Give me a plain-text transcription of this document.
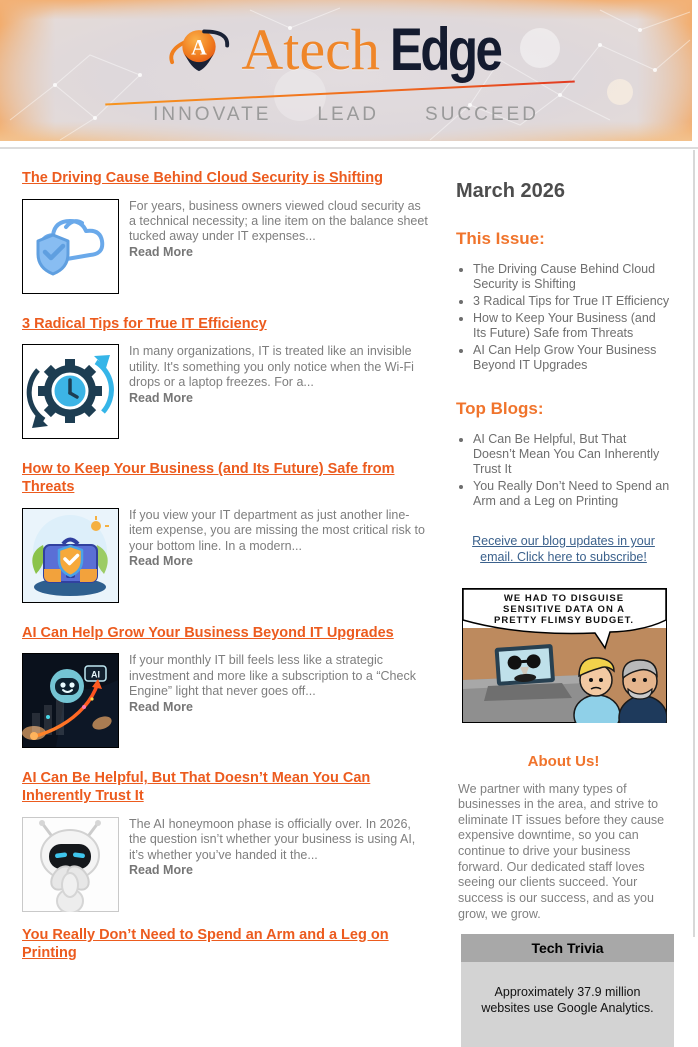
A Atech Edge
INNOVATE LEAD SUCCEED
The Driving Cause Behind Cloud Security is Shifting
For years, business owners viewed cloud security as a technical necessity; a line item on the balance sheet tucked away under IT expenses...
Read More
3 Radical Tips for True IT Efficiency
In many organizations, IT is treated like an invisible utility. It's something you only notice when the Wi-Fi drops or a laptop freezes. For a...
Read More
How to Keep Your Business (and Its Future) Safe from Threats
If you view your IT department as just another line-item expense, you are missing the most critical risk to your bottom line. In a modern...
Read More
AI Can Help Grow Your Business Beyond IT Upgrades
AI
If your monthly IT bill feels less like a strategic investment and more like a subscription to a “Check Engine” light that never goes off...
Read More
AI Can Be Helpful, But That Doesn’t Mean You Can Inherently Trust It
The AI honeymoon phase is officially over. In 2026, the question isn’t whether your business is using AI, it’s whether you’ve handed it the...
Read More
You Really Don’t Need to Spend an Arm and a Leg on Printing
March 2026
This Issue:
• The Driving Cause Behind Cloud Security is Shifting
• 3 Radical Tips for True IT Efficiency
• How to Keep Your Business (and Its Future) Safe from Threats
• AI Can Help Grow Your Business Beyond IT Upgrades
Top Blogs:
• AI Can Be Helpful, But That Doesn’t Mean You Can Inherently Trust It
• You Really Don’t Need to Spend an Arm and a Leg on Printing
Receive our blog updates in your email. Click here to subscribe!
WE HAD TO DISGUISE
SENSITIVE DATA ON A
PRETTY FLIMSY BUDGET.
About Us!

We partner with many types of businesses in the area, and strive to eliminate IT issues before they cause expensive downtime, so you can continue to drive your business forward. Our dedicated staff loves seeing our clients succeed. Your success is our success, and as you grow, we grow.

Tech Trivia
Approximately 37.9 million websites use Google Analytics.
